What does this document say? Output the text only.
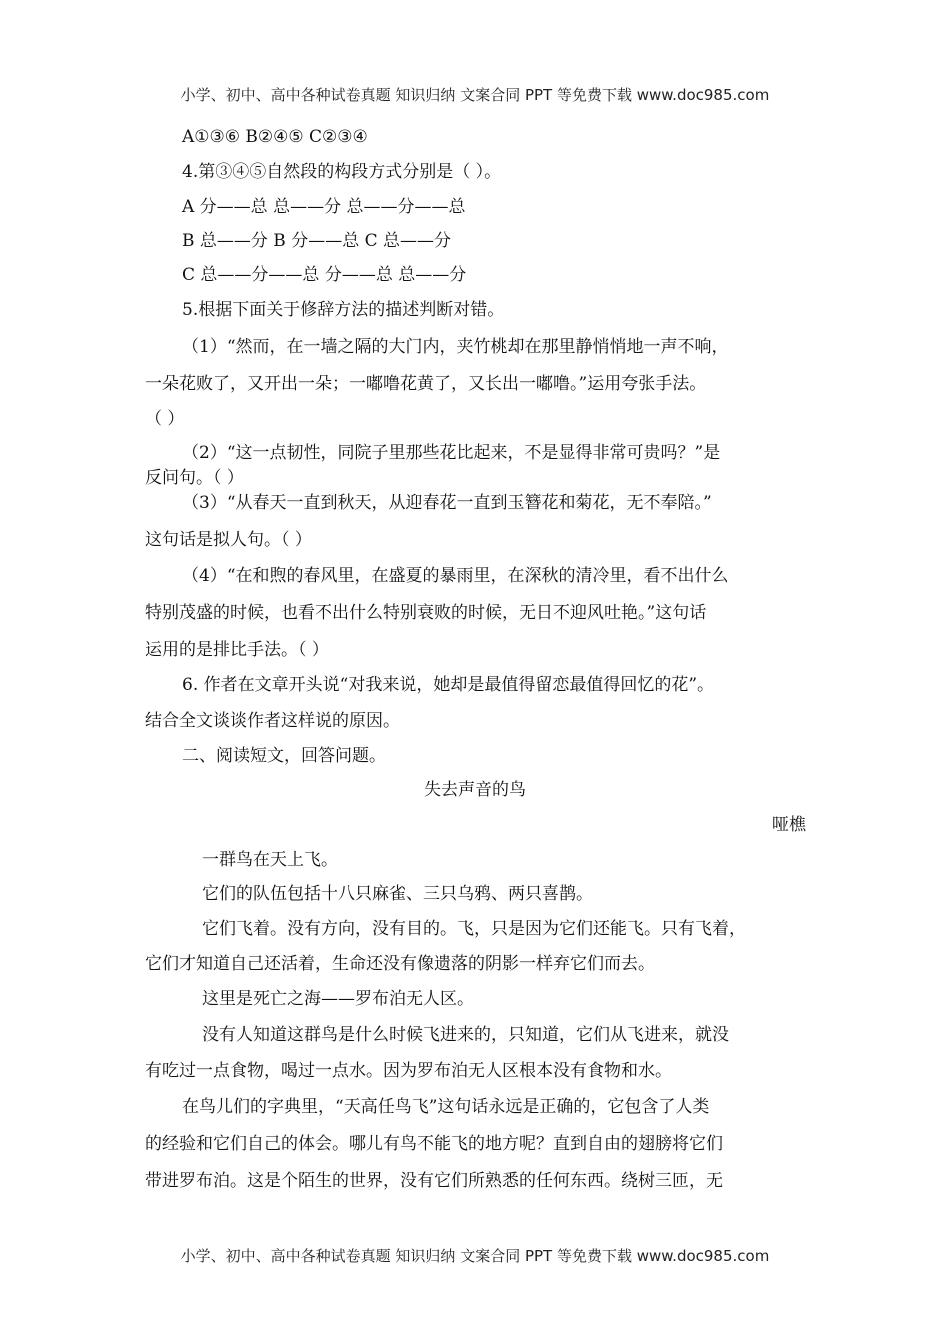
小学、初中、高中各种试卷真题 知识归纳 文案合同 PPT 等免费下载 www.doc985.com
A①③⑥ B②④⑤ C②③④
4.第③④⑤自然段的构段方式分别是（ ）。
A 分——总 总——分 总——分——总
B 总——分 B 分——总 C 总——分
C 总——分——总 分——总 总——分
5.根据下面关于修辞方法的描述判断对错。
（1）“然而，在一墙之隔的大门内，夹竹桃却在那里静悄悄地一声不响，
一朵花败了，又开出一朵；一嘟噜花黄了，又长出一嘟噜。”运用夸张手法。
（ ）
（2）“这一点韧性，同院子里那些花比起来，不是显得非常可贵吗？”是
反问句。（ ）
（3）“从春天一直到秋天，从迎春花一直到玉簪花和菊花，无不奉陪。”
这句话是拟人句。（ ）
（4）“在和煦的春风里，在盛夏的暴雨里，在深秋的清冷里，看不出什么
特别茂盛的时候，也看不出什么特别衰败的时候，无日不迎风吐艳。”这句话
运用的是排比手法。（ ）
6. 作者在文章开头说“对我来说，她却是最值得留恋最值得回忆的花”。
结合全文谈谈作者这样说的原因。
二、阅读短文，回答问题。
失去声音的鸟
哑樵
一群鸟在天上飞。
它们的队伍包括十八只麻雀、三只乌鸦、两只喜鹊。
它们飞着。没有方向，没有目的。飞，只是因为它们还能飞。只有飞着，
它们才知道自己还活着，生命还没有像遗落的阴影一样弃它们而去。
这里是死亡之海——罗布泊无人区。
没有人知道这群鸟是什么时候飞进来的，只知道，它们从飞进来，就没
有吃过一点食物，喝过一点水。因为罗布泊无人区根本没有食物和水。
在鸟儿们的字典里，“天高任鸟飞”这句话永远是正确的，它包含了人类
的经验和它们自己的体会。哪儿有鸟不能飞的地方呢？直到自由的翅膀将它们
带进罗布泊。这是个陌生的世界，没有它们所熟悉的任何东西。绕树三匝，无
小学、初中、高中各种试卷真题 知识归纳 文案合同 PPT 等免费下载 www.doc985.com
